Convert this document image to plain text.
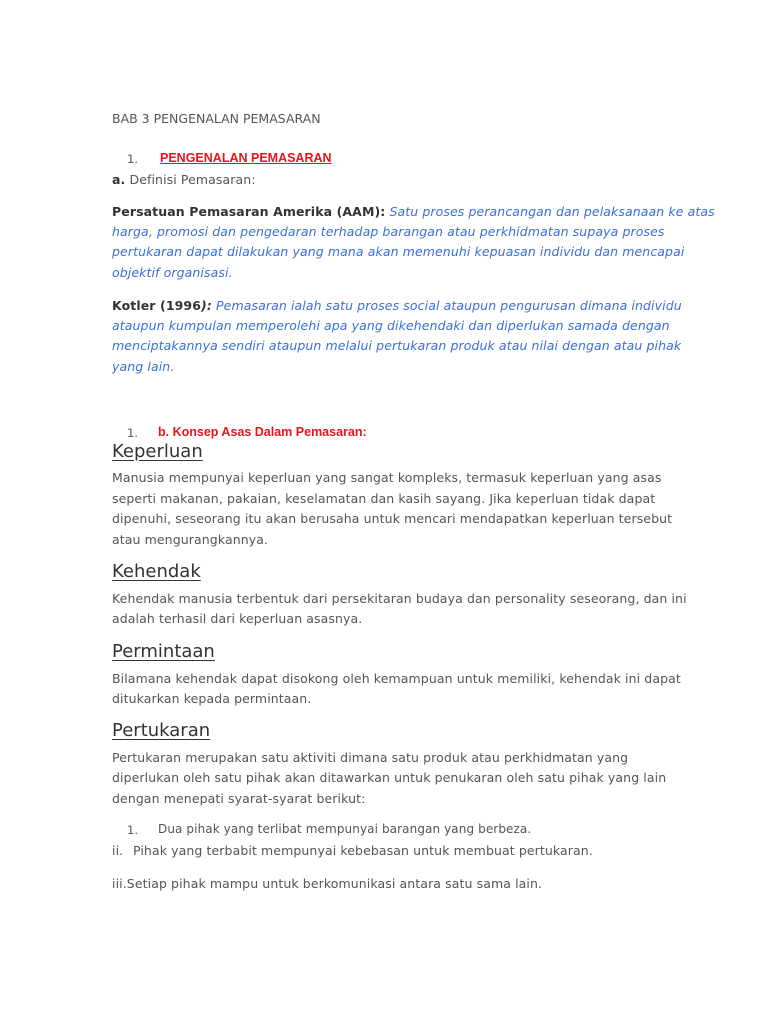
BAB 3 PENGENALAN PEMASARAN
1. PENGENALAN PEMASARAN
a. Definisi Pemasaran:
Persatuan Pemasaran Amerika (AAM): Satu proses perancangan dan pelaksanaan ke atas
harga, promosi dan pengedaran terhadap barangan atau perkhidmatan supaya proses
pertukaran dapat dilakukan yang mana akan memenuhi kepuasan individu dan mencapai
objektif organisasi.
Kotler (1996): Pemasaran ialah satu proses social ataupun pengurusan dimana individu
ataupun kumpulan memperolehi apa yang dikehendaki dan diperlukan samada dengan
menciptakannya sendiri ataupun melalui pertukaran produk atau nilai dengan atau pihak
yang lain.
1. b. Konsep Asas Dalam Pemasaran:
Keperluan
Manusia mempunyai keperluan yang sangat kompleks, termasuk keperluan yang asas
seperti makanan, pakaian, keselamatan dan kasih sayang. Jika keperluan tidak dapat
dipenuhi, seseorang itu akan berusaha untuk mencari mendapatkan keperluan tersebut
atau mengurangkannya.
Kehendak
Kehendak manusia terbentuk dari persekitaran budaya dan personality seseorang, dan ini
adalah terhasil dari keperluan asasnya.
Permintaan
Bilamana kehendak dapat disokong oleh kemampuan untuk memiliki, kehendak ini dapat
ditukarkan kepada permintaan.
Pertukaran
Pertukaran merupakan satu aktiviti dimana satu produk atau perkhidmatan yang
diperlukan oleh satu pihak akan ditawarkan untuk penukaran oleh satu pihak yang lain
dengan menepati syarat-syarat berikut:
1. Dua pihak yang terlibat mempunyai barangan yang berbeza.
ii. Pihak yang terbabit mempunyai kebebasan untuk membuat pertukaran.
iii.Setiap pihak mampu untuk berkomunikasi antara satu sama lain.
